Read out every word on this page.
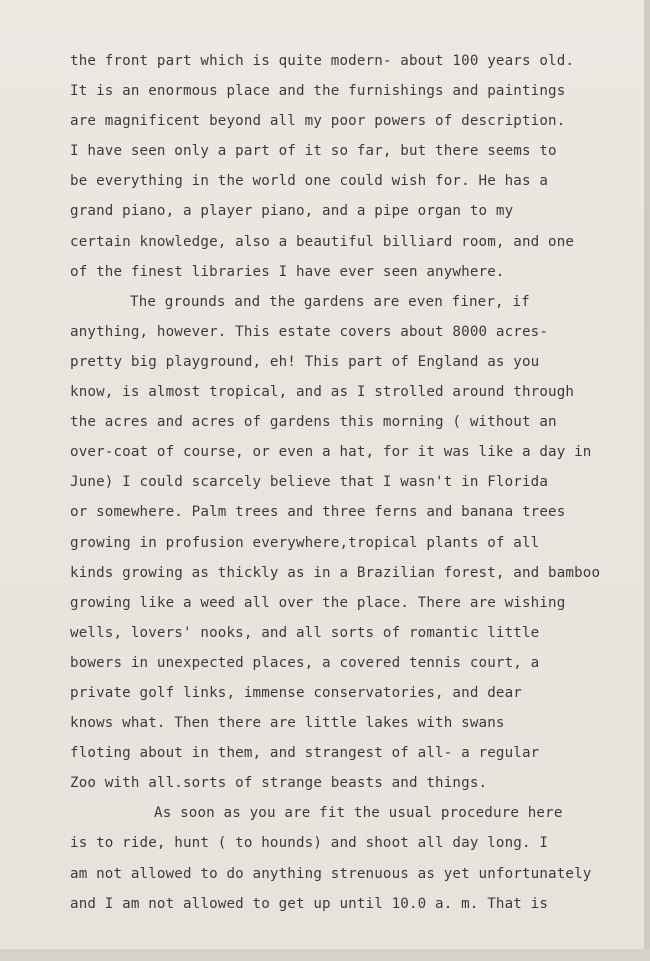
the front part which is quite modern- about 100 years old.
It is an enormous place and the furnishings and paintings
are magnificent beyond all my poor powers of description.
I have seen only a part of it so far, but there seems to
be everything in the world one could wish for. He has a
grand piano, a player piano, and a pipe organ to my
certain knowledge, also a beautiful billiard room, and one
of the finest libraries I have ever seen anywhere.
The grounds and the gardens are even finer, if
anything, however. This estate covers about 8000 acres-
pretty big playground, eh! This part of England as you
know, is almost tropical, and as I strolled around through
the acres and acres of gardens this morning ( without an
over-coat of course, or even a hat, for it was like a day in
June) I could scarcely believe that I wasn't in Florida
or somewhere. Palm trees and three ferns and banana trees
growing in profusion everywhere,tropical plants of all
kinds growing as thickly as in a Brazilian forest, and bamboo
growing like a weed all over the place. There are wishing
wells, lovers' nooks, and all sorts of romantic little
bowers in unexpected places, a covered tennis court, a
private golf links, immense conservatories, and dear
knows what. Then there are little lakes with swans
floting about in them, and strangest of all- a regular
Zoo with all.sorts of strange beasts and things.
As soon as you are fit the usual procedure here
is to ride, hunt ( to hounds) and shoot all day long. I
am not allowed to do anything strenuous as yet unfortunately
and I am not allowed to get up until 10.0 a. m. That is
